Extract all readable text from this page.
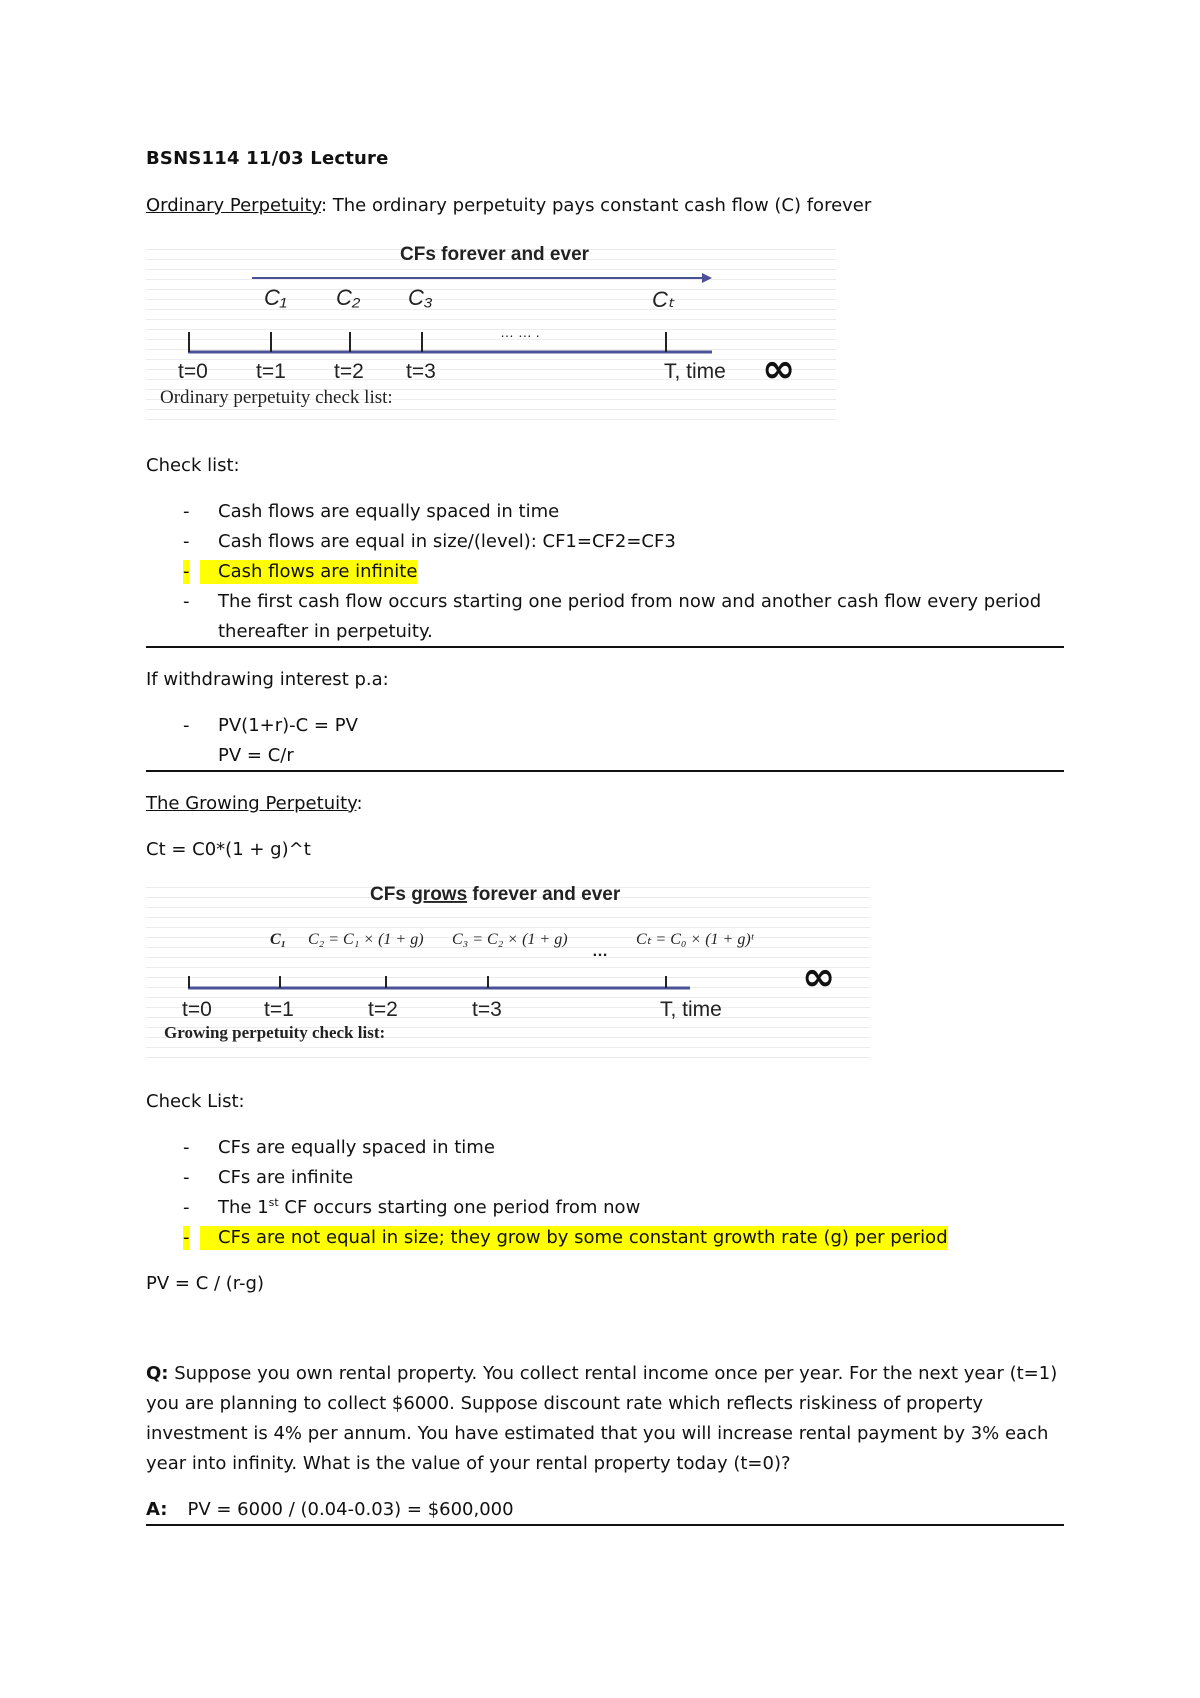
BSNS114 11/03 Lecture
Ordinary Perpetuity: The ordinary perpetuity pays constant cash flow (C) forever
CFs forever and ever
C₁ C₂ C₃	Cₜ
… … .
t=0 t=1 t=2 t=3	T, time ∞
Ordinary perpetuity check list:
Check list:
- Cash flows are equally spaced in time
- Cash flows are equal in size/(level): CF1=CF2=CF3
-	Cash flows are infinite
- The first cash flow occurs starting one period from now and another cash flow every period
thereafter in perpetuity.
If withdrawing interest p.a:
- PV(1+r)-C = PV
PV = C/r
The Growing Perpetuity:
Ct = C0*(1 + g)^t
CFs grows forever and ever
C₁ C₂ = C₁ × (1 + g) C₃ = C₂ × (1 + g)	Cₜ = C₀ × (1 + g)ᵗ
…
t=0 t=1	t=2	t=3	T, time
∞
Growing perpetuity check list:
Check List:
- CFs are equally spaced in time
- CFs are infinite
- The 1st CF occurs starting one period from now
-	CFs are not equal in size; they grow by some constant growth rate (g) per period
PV = C / (r-g)
Q: Suppose you own rental property. You collect rental income once per year. For the next year (t=1)
you are planning to collect $6000. Suppose discount rate which reflects riskiness of property
investment is 4% per annum. You have estimated that you will increase rental payment by 3% each
year into infinity. What is the value of your rental property today (t=0)?
A: PV = 6000 / (0.04-0.03) = $600,000
